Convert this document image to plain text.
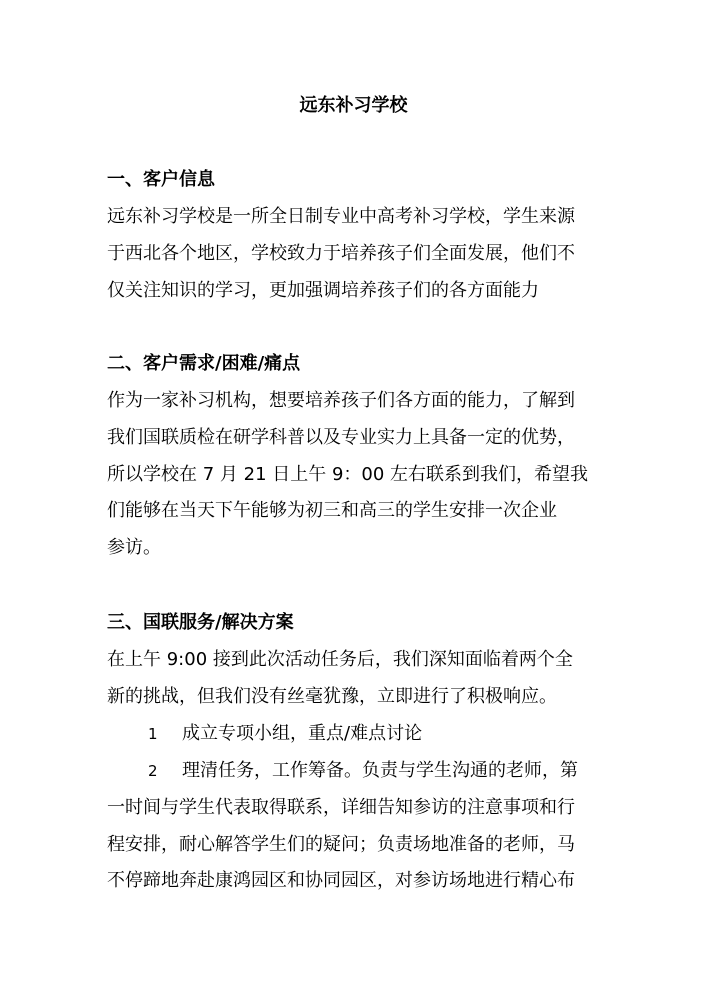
远东补习学校
一、客户信息
远东补习学校是一所全日制专业中高考补习学校，学生来源
于西北各个地区，学校致力于培养孩子们全面发展，他们不
仅关注知识的学习，更加强调培养孩子们的各方面能力
二、客户需求/困难/痛点
作为一家补习机构，想要培养孩子们各方面的能力，了解到
我们国联质检在研学科普以及专业实力上具备一定的优势，
所以学校在 7 月 21 日上午 9：00 左右联系到我们，希望我
们能够在当天下午能够为初三和高三的学生安排一次企业
参访。
三、国联服务/解决方案
在上午 9:00 接到此次活动任务后，我们深知面临着两个全
新的挑战，但我们没有丝毫犹豫，立即进行了积极响应。
1 成立专项小组，重点/难点讨论
2 理清任务，工作筹备。负责与学生沟通的老师，第
一时间与学生代表取得联系，详细告知参访的注意事项和行
程安排，耐心解答学生们的疑问；负责场地准备的老师，马
不停蹄地奔赴康鸿园区和协同园区，对参访场地进行精心布
